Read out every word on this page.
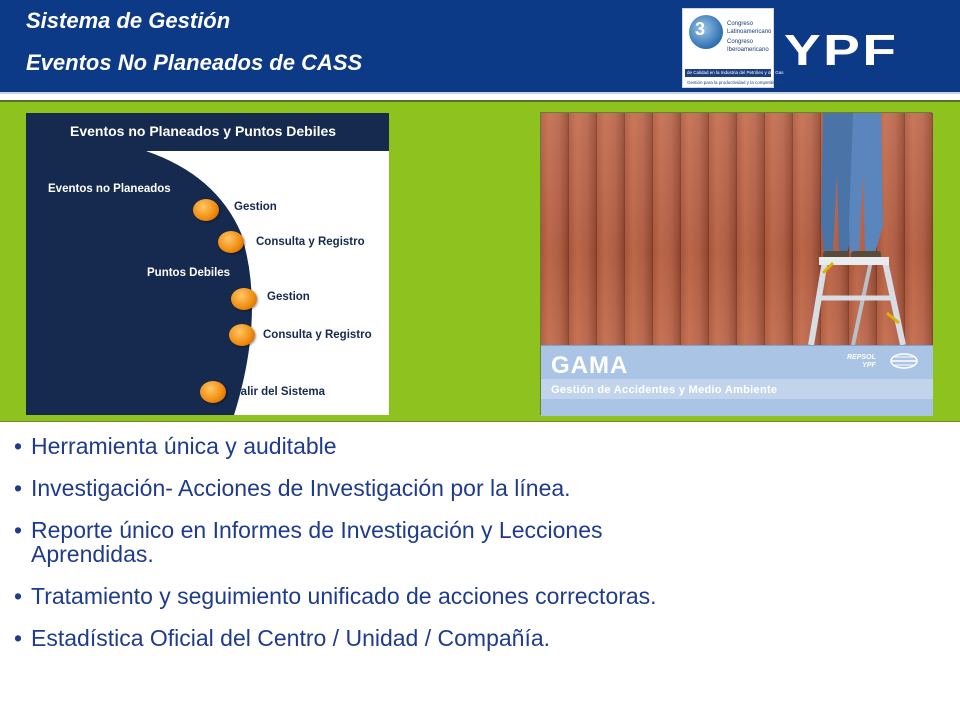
Sistema de Gestión
Eventos No Planeados de CASS
3	Congreso
Latinoamericano
Congreso
Iberoamericano
de Calidad en la Industria del Petróleo y del Gas
Gestión para la productividad y la competitividad
YPF
Eventos no Planeados y Puntos Debiles
Eventos no Planeados
Gestion
Consulta y Registro
Puntos Debiles
Gestion
Consulta y Registro
Salir del Sistema
GAMA
Gestión de Accidentes y Medio Ambiente
REPSOL
YPF
• Herramienta única y auditable
• Investigación- Acciones de Investigación por la línea.
• Reporte único en Informes de Investigación y Lecciones Aprendidas.
• Tratamiento y seguimiento unificado de acciones correctoras.
• Estadística Oficial del Centro / Unidad / Compañía.
